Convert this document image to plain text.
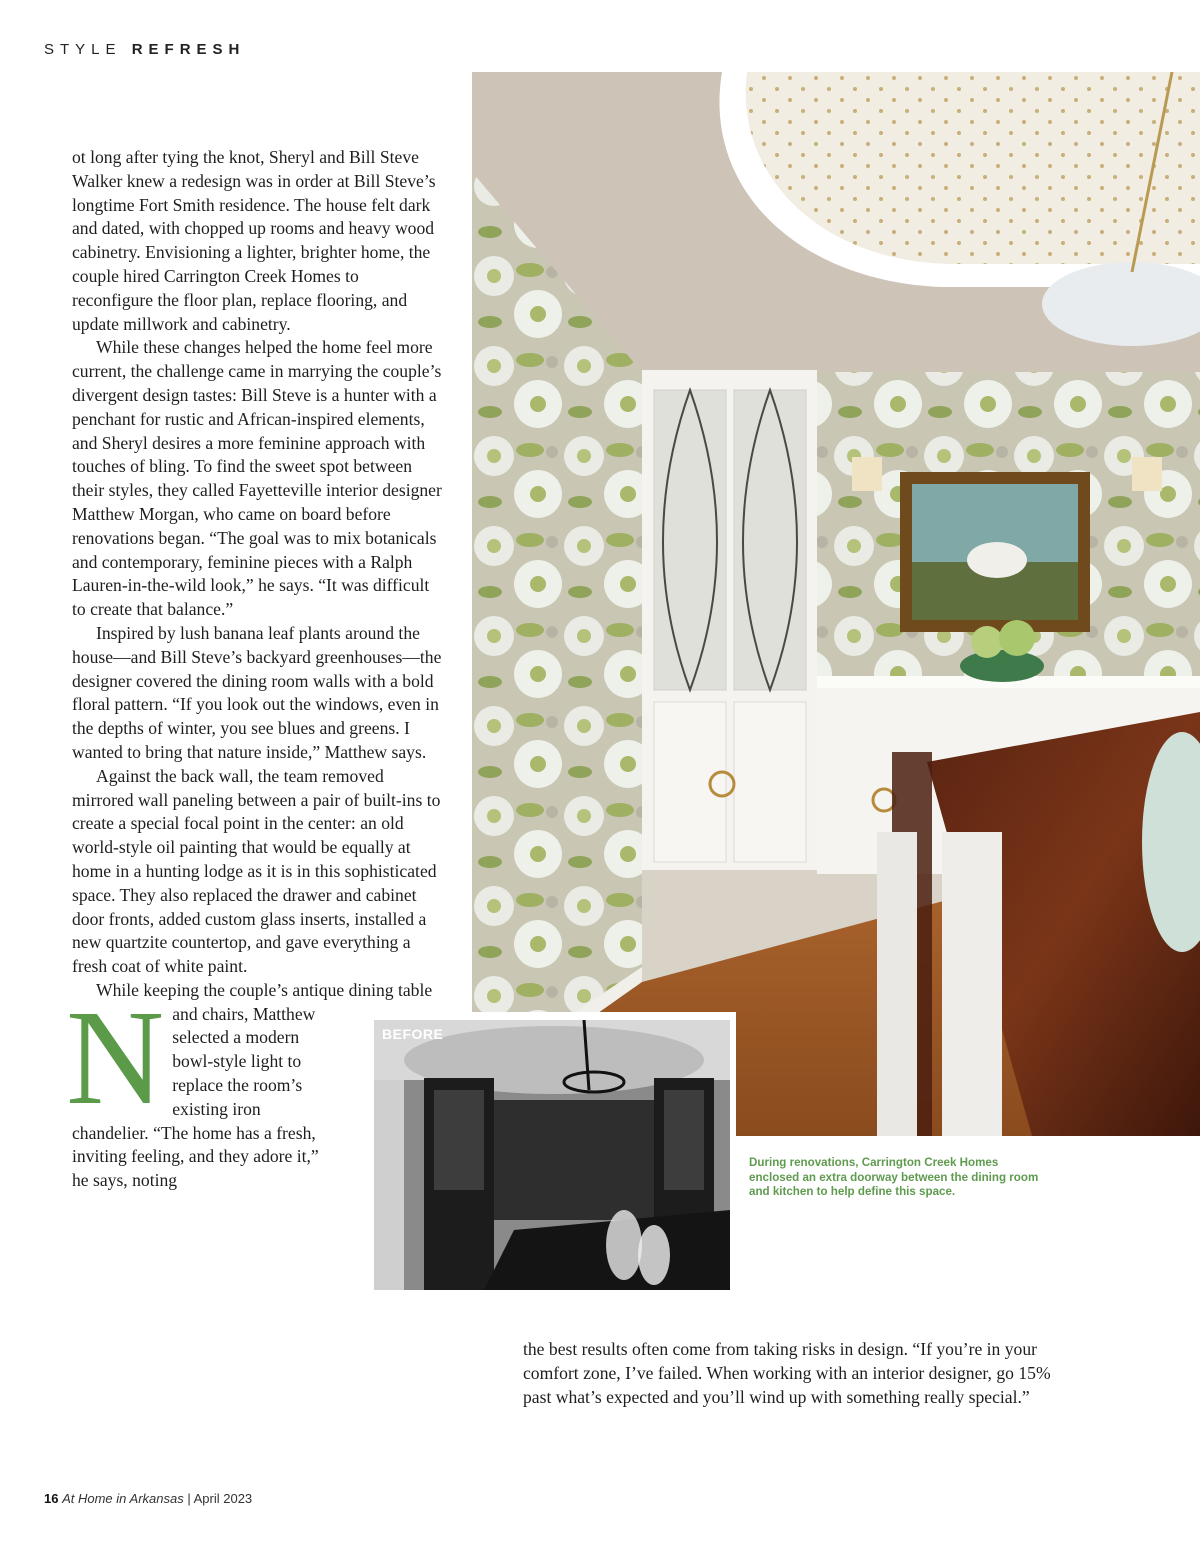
STYLE REFRESH

N
ot long after tying the knot, Sheryl and Bill Steve Walker knew a redesign was in order at Bill Steve’s longtime Fort Smith residence. The house felt dark and dated, with chopped up rooms and heavy wood cabinetry. Envisioning a lighter, brighter home, the couple hired Carrington Creek Homes to reconfigure the floor plan, replace flooring, and update millwork and cabinetry.

While these changes helped the home feel more current, the challenge came in marrying the couple’s divergent design tastes: Bill Steve is a hunter with a penchant for rustic and African-inspired elements, and Sheryl desires a more feminine approach with touches of bling. To find the sweet spot between their styles, they called Fayetteville interior designer Matthew Morgan, who came on board before renovations began. “The goal was to mix botanicals and contemporary, feminine pieces with a Ralph Lauren-in-the-wild look,” he says. “It was difficult to create that balance.”

Inspired by lush banana leaf plants around the house—and Bill Steve’s backyard greenhouses—the designer covered the dining room walls with a bold floral pattern. “If you look out the windows, even in the depths of winter, you see blues and greens. I wanted to bring that nature inside,” Matthew says.

Against the back wall, the team removed mirrored wall paneling between a pair of built-ins to create a special focal point in the center: an old world-style oil painting that would be equally at home in a hunting lodge as it is in this sophisticated space. They also replaced the drawer and cabinet door fronts, added custom glass inserts, installed a new quartzite countertop, and gave everything a fresh coat of white paint.

While keeping the couple’s antique dining table and chairs, Matthew selected a modern bowl-style light to replace the room’s existing iron chandelier. “The home has a fresh, inviting feeling, and they adore it,” he says, noting

BEFORE
During renovations, Carrington Creek Homes enclosed an extra doorway between the dining room and kitchen to help define this space.

the best results often come from taking risks in design. “If you’re in your comfort zone, I’ve failed. When working with an interior designer, go 15% past what’s expected and you’ll wind up with something really special.”

16 At Home in Arkansas | April 2023
